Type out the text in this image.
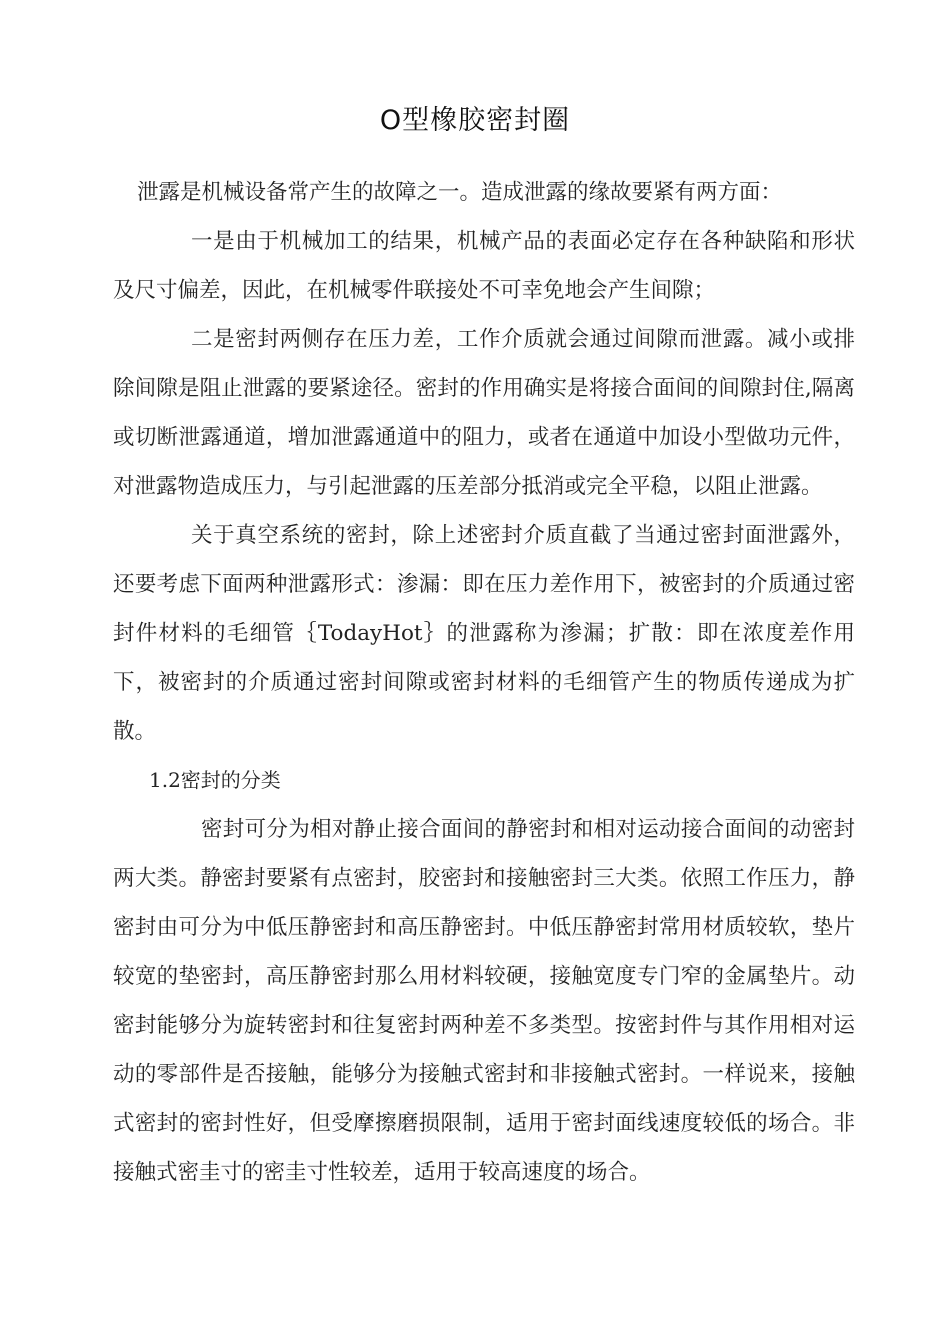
O型橡胶密封圈

泄露是机械设备常产生的故障之一。造成泄露的缘故要紧有两方面：

一是由于机械加工的结果，机械产品的表面必定存在各种缺陷和形状及尺寸偏差，因此，在机械零件联接处不可幸免地会产生间隙；

二是密封两侧存在压力差，工作介质就会通过间隙而泄露。减小或排除间隙是阻止泄露的要紧途径。密封的作用确实是将接合面间的间隙封住,隔离或切断泄露通道，增加泄露通道中的阻力，或者在通道中加设小型做功元件，对泄露物造成压力，与引起泄露的压差部分抵消或完全平稳，以阻止泄露。

关于真空系统的密封，除上述密封介质直截了当通过密封面泄露外，还要考虑下面两种泄露形式：渗漏：即在压力差作用下，被密封的介质通过密封件材料的毛细管｛TodayHot｝的泄露称为渗漏；扩散：即在浓度差作用下，被密封的介质通过密封间隙或密封材料的毛细管产生的物质传递成为扩散。

1.2密封的分类

密封可分为相对静止接合面间的静密封和相对运动接合面间的动密封两大类。静密封要紧有点密封，胶密封和接触密封三大类。依照工作压力，静密封由可分为中低压静密封和高压静密封。中低压静密封常用材质较软，垫片较宽的垫密封，高压静密封那么用材料较硬，接触宽度专门窄的金属垫片。动密封能够分为旋转密封和往复密封两种差不多类型。按密封件与其作用相对运动的零部件是否接触，能够分为接触式密封和非接触式密封。一样说来，接触式密封的密封性好，但受摩擦磨损限制，适用于密封面线速度较低的场合。非接触式密圭寸的密圭寸性较差，适用于较高速度的场合。
